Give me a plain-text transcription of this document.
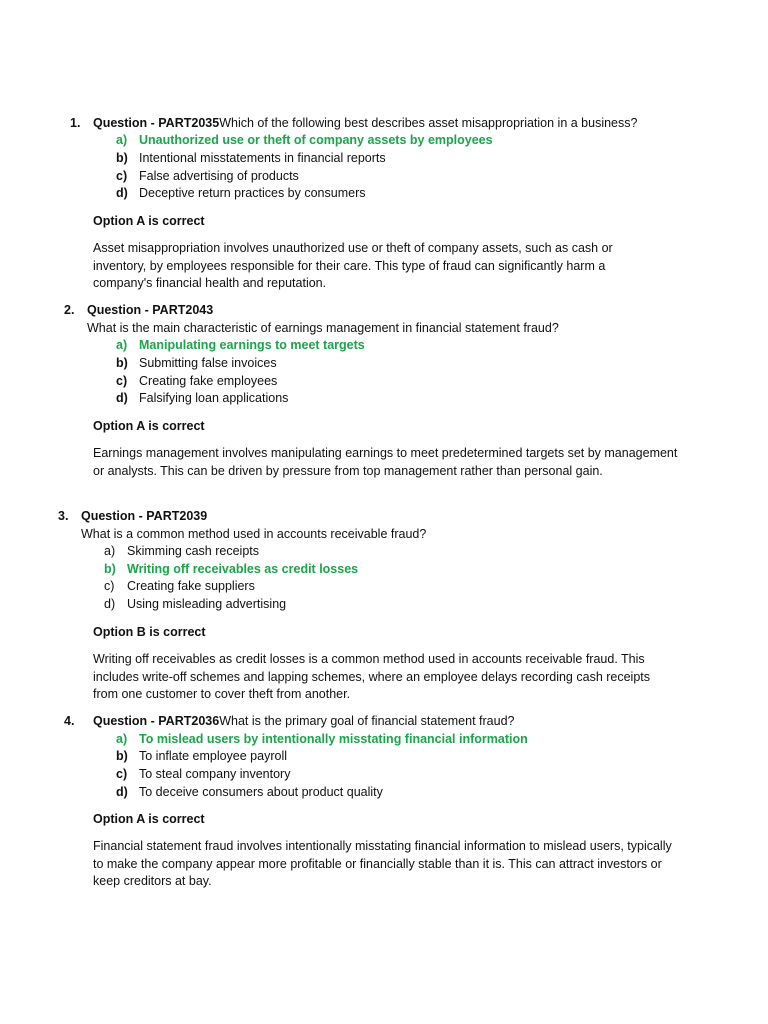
1. Question - PART2035Which of the following best describes asset misappropriation in a business?
a) Unauthorized use or theft of company assets by employees
b) Intentional misstatements in financial reports
c) False advertising of products
d) Deceptive return practices by consumers
Option A is correct
Asset misappropriation involves unauthorized use or theft of company assets, such as cash or inventory, by employees responsible for their care. This type of fraud can significantly harm a company's financial health and reputation.
2. Question - PART2043
What is the main characteristic of earnings management in financial statement fraud?
a) Manipulating earnings to meet targets
b) Submitting false invoices
c) Creating fake employees
d) Falsifying loan applications
Option A is correct
Earnings management involves manipulating earnings to meet predetermined targets set by management or analysts. This can be driven by pressure from top management rather than personal gain.
3. Question - PART2039
What is a common method used in accounts receivable fraud?
a) Skimming cash receipts
b) Writing off receivables as credit losses
c) Creating fake suppliers
d) Using misleading advertising
Option B is correct
Writing off receivables as credit losses is a common method used in accounts receivable fraud. This includes write-off schemes and lapping schemes, where an employee delays recording cash receipts from one customer to cover theft from another.
4. Question - PART2036What is the primary goal of financial statement fraud?
a) To mislead users by intentionally misstating financial information
b) To inflate employee payroll
c) To steal company inventory
d) To deceive consumers about product quality
Option A is correct
Financial statement fraud involves intentionally misstating financial information to mislead users, typically to make the company appear more profitable or financially stable than it is. This can attract investors or keep creditors at bay.
